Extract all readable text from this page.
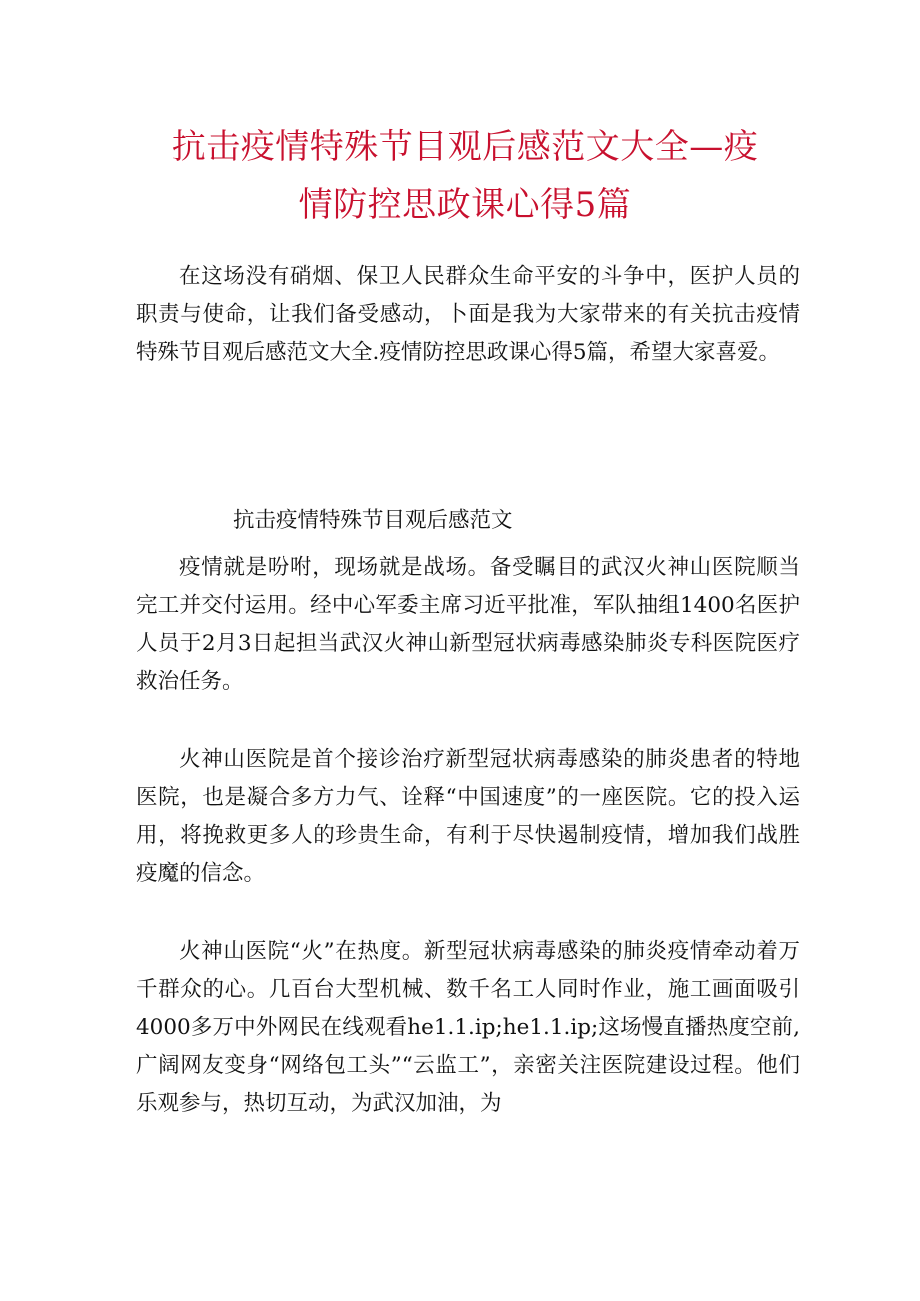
抗击疫情特殊节目观后感范文大全—疫
情防控思政课心得5篇

在这场没有硝烟、保卫人民群众生命平安的斗争中，医护人员的职责与使命，让我们备受感动，卜面是我为大家带来的有关抗击疫情特殊节目观后感范文大全.疫情防控思政课心得5篇，希望大家喜爱。

抗击疫情特殊节目观后感范文

疫情就是吩咐，现场就是战场。备受瞩目的武汉火神山医院顺当完工并交付运用。经中心军委主席习近平批准，军队抽组1400名医护人员于2月3日起担当武汉火神山新型冠状病毒感染肺炎专科医院医疗救治任务。

火神山医院是首个接诊治疗新型冠状病毒感染的肺炎患者的特地医院，也是凝合多方力气、诠释“中国速度”的一座医院。它的投入运用，将挽救更多人的珍贵生命，有利于尽快遏制疫情，增加我们战胜疫魔的信念。

火神山医院“火”在热度。新型冠状病毒感染的肺炎疫情牵动着万千群众的心。几百台大型机械、数千名工人同时作业，施工画面吸引4000多万中外网民在线观看he1.1.ip;he1.1.ip;这场慢直播热度空前,广阔网友变身“网络包工头”“云监工”，亲密关注医院建设过程。他们乐观参与，热切互动，为武汉加油，为
